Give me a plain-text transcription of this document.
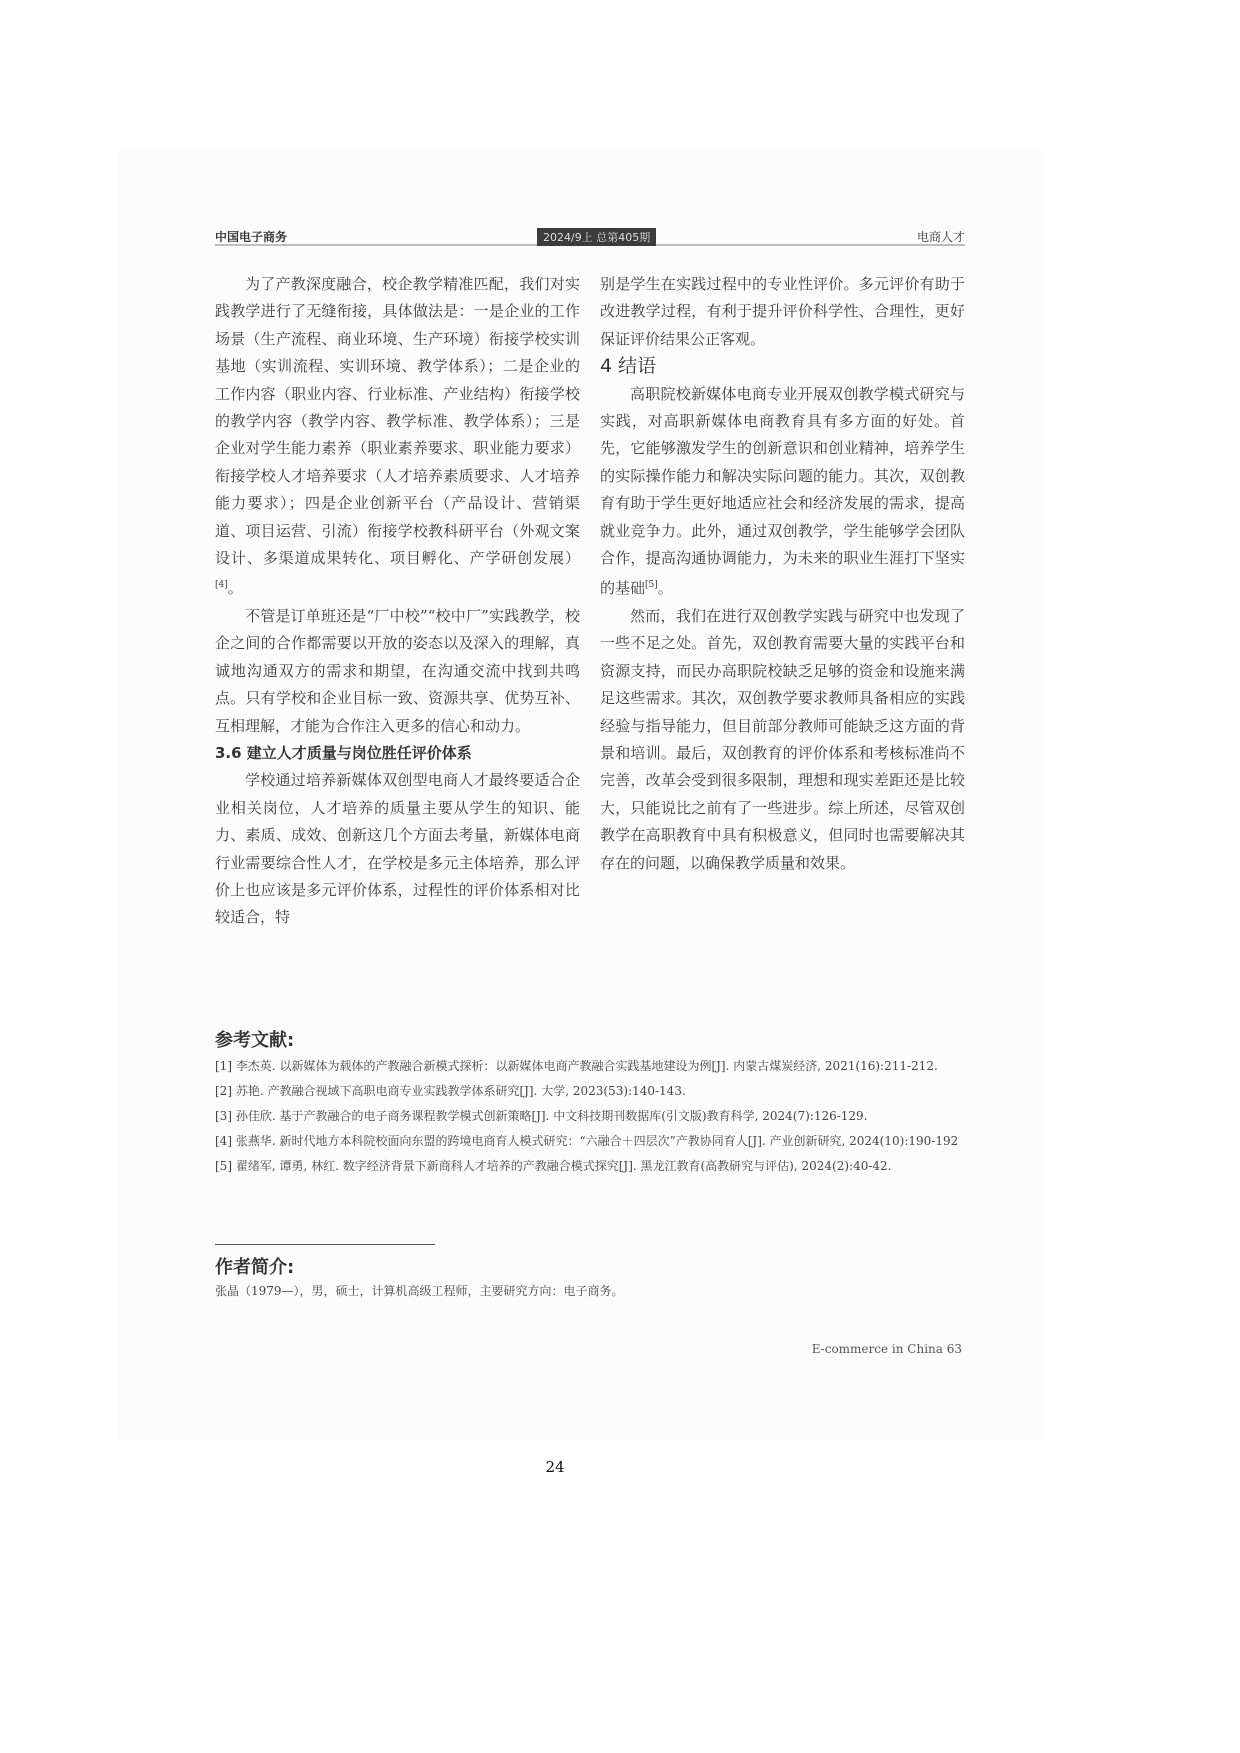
中国电子商务	2024/9上 总第405期	电商人才

为了产教深度融合，校企教学精准匹配，我们对实践教学进行了无缝衔接，具体做法是：一是企业的工作场景（生产流程、商业环境、生产环境）衔接学校实训基地（实训流程、实训环境、教学体系）；二是企业的工作内容（职业内容、行业标准、产业结构）衔接学校的教学内容（教学内容、教学标准、教学体系）；三是企业对学生能力素养（职业素养要求、职业能力要求）衔接学校人才培养要求（人才培养素质要求、人才培养能力要求）；四是企业创新平台（产品设计、营销渠道、项目运营、引流）衔接学校教科研平台（外观文案设计、多渠道成果转化、项目孵化、产学研创发展）[4]。

不管是订单班还是“厂中校”“校中厂”实践教学，校企之间的合作都需要以开放的姿态以及深入的理解，真诚地沟通双方的需求和期望，在沟通交流中找到共鸣点。只有学校和企业目标一致、资源共享、优势互补、互相理解，才能为合作注入更多的信心和动力。

3.6 建立人才质量与岗位胜任评价体系

学校通过培养新媒体双创型电商人才最终要适合企业相关岗位，人才培养的质量主要从学生的知识、能力、素质、成效、创新这几个方面去考量，新媒体电商行业需要综合性人才，在学校是多元主体培养，那么评价上也应该是多元评价体系，过程性的评价体系相对比较适合，特

别是学生在实践过程中的专业性评价。多元评价有助于改进教学过程，有利于提升评价科学性、合理性，更好保证评价结果公正客观。

4 结语

高职院校新媒体电商专业开展双创教学模式研究与实践，对高职新媒体电商教育具有多方面的好处。首先，它能够激发学生的创新意识和创业精神，培养学生的实际操作能力和解决实际问题的能力。其次，双创教育有助于学生更好地适应社会和经济发展的需求，提高就业竞争力。此外，通过双创教学，学生能够学会团队合作，提高沟通协调能力，为未来的职业生涯打下坚实的基础[5]。

然而，我们在进行双创教学实践与研究中也发现了一些不足之处。首先，双创教育需要大量的实践平台和资源支持，而民办高职院校缺乏足够的资金和设施来满足这些需求。其次，双创教学要求教师具备相应的实践经验与指导能力，但目前部分教师可能缺乏这方面的背景和培训。最后，双创教育的评价体系和考核标准尚不完善，改革会受到很多限制，理想和现实差距还是比较大，只能说比之前有了一些进步。综上所述，尽管双创教学在高职教育中具有积极意义，但同时也需要解决其存在的问题，以确保教学质量和效果。

参考文献:
[1] 李杰英. 以新媒体为载体的产教融合新模式探析：以新媒体电商产教融合实践基地建设为例[J]. 内蒙古煤炭经济, 2021(16):211-212.
[2] 苏艳. 产教融合视域下高职电商专业实践教学体系研究[J]. 大学, 2023(53):140-143.
[3] 孙佳欣. 基于产教融合的电子商务课程教学模式创新策略[J]. 中文科技期刊数据库(引文版)教育科学, 2024(7):126-129.
[4] 张燕华. 新时代地方本科院校面向东盟的跨境电商育人模式研究：“六融合＋四层次”产教协同育人[J]. 产业创新研究, 2024(10):190-192
[5] 翟绪军, 谭勇, 林红. 数字经济背景下新商科人才培养的产教融合模式探究[J]. 黑龙江教育(高教研究与评估), 2024(2):40-42.
作者简介:
张晶（1979—），男，硕士，计算机高级工程师，主要研究方向：电子商务。
E-commerce in China 63
24
